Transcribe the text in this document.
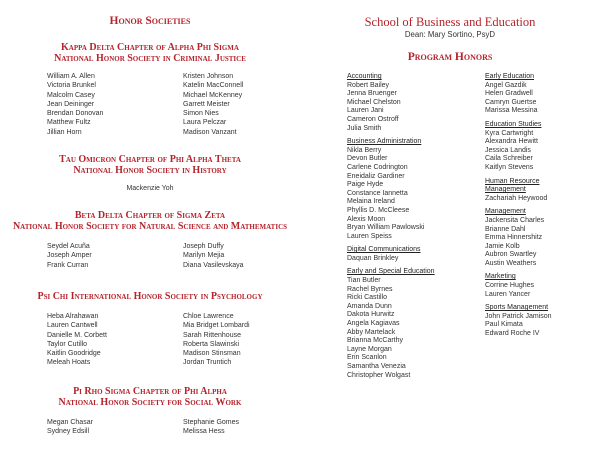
Honor Societies
Kappa Delta Chapter of Alpha Phi Sigma
National Honor Society in Criminal Justice
William A. Allen
Victoria Brunkel
Malcolm Casey
Jean Deininger
Brendan Donovan
Matthew Fultz
Jillian Horn
Kristen Johnson
Katelin MacConnell
Michael McKenney
Garrett Meister
Simon Nies
Laura Pelczar
Madison Vanzant
Tau Omicron Chapter of Phi Alpha Theta
National Honor Society in History
Mackenzie Yoh
Beta Delta Chapter of Sigma Zeta
National Honor Society for Natural Science and Mathematics
Seydel Acuña
Joseph Amper
Frank Curran
Joseph Duffy
Marilyn Mejia
Diana Vasilevskaya
Psi Chi International Honor Society in Psychology
Heba Alrahawan
Lauren Cantwell
Danielle M. Corbett
Taylor Cutillo
Kaitlin Goodridge
Meleah Hoats
Chloe Lawrence
Mia Bridget Lombardi
Sarah Rittenhouse
Roberta Slawinski
Madison Stinsman
Jordan Truntich
Pi Rho Sigma Chapter of Phi Alpha
National Honor Society for Social Work
Megan Chasar
Sydney Edsill
Stephanie Gomes
Melissa Hess
School of Business and Education
Dean: Mary Sortino, PsyD
Program Honors
Accounting
Robert Bailey
Jenna Bruenger
Michael Chelston
Lauren Jani
Cameron Ostroff
Julia Smith
Business Administration
Nikla Berry
Devon Butler
Carlene Codrington
Eneidaliz Gardiner
Paige Hyde
Constance Iannetta
Melaina Ireland
Phyllis D. McCleese
Alexis Moon
Bryan William Pawlowski
Lauren Speiss
Digital Communications
Daquan Brinkley
Early and Special Education
Tian Butler
Rachel Byrnes
Ricki Castillo
Amanda Dunn
Dakota Hurwitz
Angela Kagiavas
Abby Martelack
Brianna McCarthy
Layne Morgan
Erin Scanlon
Samantha Venezia
Christopher Wolgast
Early Education
Angel Gazdik
Helen Gradwell
Camryn Guertse
Marissa Messina
Education Studies
Kyra Cartwright
Alexandra Hewitt
Jessica Landis
Caila Schreiber
Kaitlyn Stevens
Human Resource
Management
Zachariah Heywood
Management
Jackensita Charles
Brianne Dahl
Emma Hinnershitz
Jamie Kolb
Aubron Swartley
Austin Weathers
Marketing
Corrine Hughes
Lauren Yancer
Sports Management
John Patrick Jamison
Paul Kimata
Edward Roche IV
